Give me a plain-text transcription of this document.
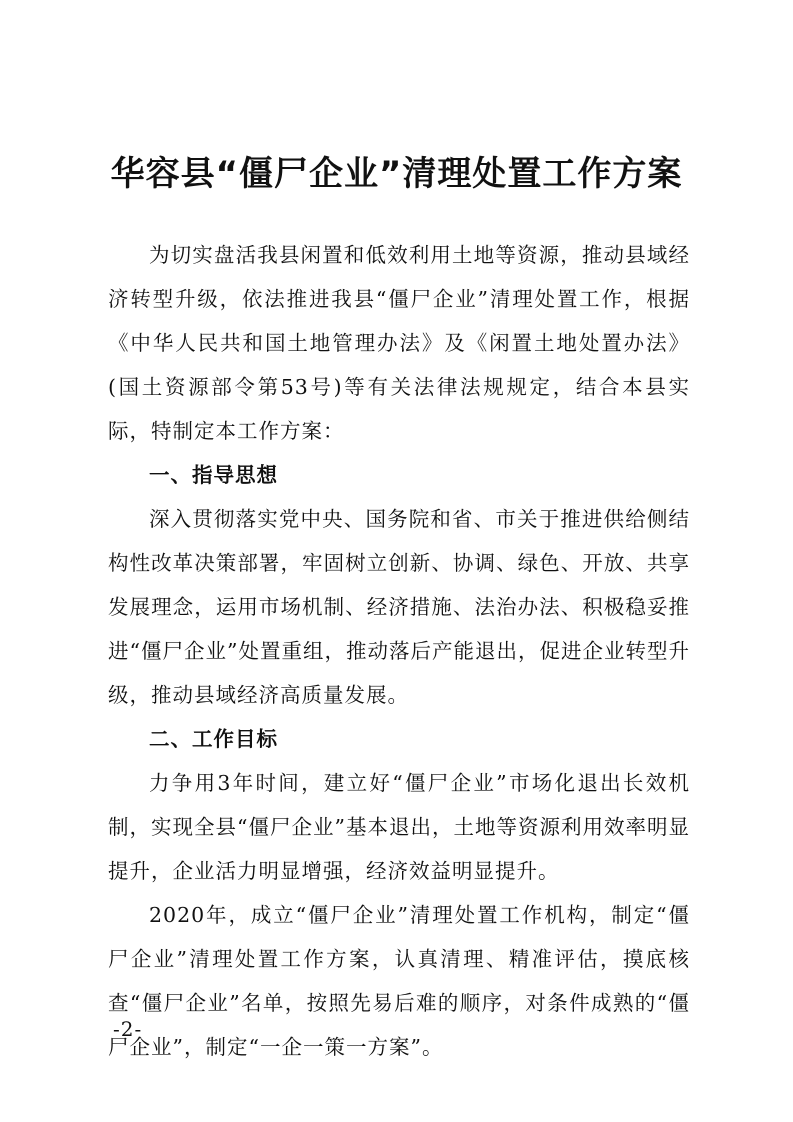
华容县“僵尸企业”清理处置工作方案

为切实盘活我县闲置和低效利用土地等资源，推动县域经济转型升级，依法推进我县“僵尸企业”清理处置工作，根据《中华人民共和国土地管理办法》及《闲置土地处置办法》(国土资源部令第53号)等有关法律法规规定，结合本县实际，特制定本工作方案：

一、指导思想

深入贯彻落实党中央、国务院和省、市关于推进供给侧结构性改革决策部署，牢固树立创新、协调、绿色、开放、共享发展理念，运用市场机制、经济措施、法治办法、积极稳妥推进“僵尸企业”处置重组，推动落后产能退出，促进企业转型升级，推动县域经济高质量发展。

二、工作目标

力争用3年时间，建立好“僵尸企业”市场化退出长效机制，实现全县“僵尸企业”基本退出，土地等资源利用效率明显提升，企业活力明显增强，经济效益明显提升。

2020年，成立“僵尸企业”清理处置工作机构，制定“僵尸企业”清理处置工作方案，认真清理、精准评估，摸底核查“僵尸企业”名单，按照先易后难的顺序，对条件成熟的“僵尸企业”，制定“一企一策一方案”。

-2-
